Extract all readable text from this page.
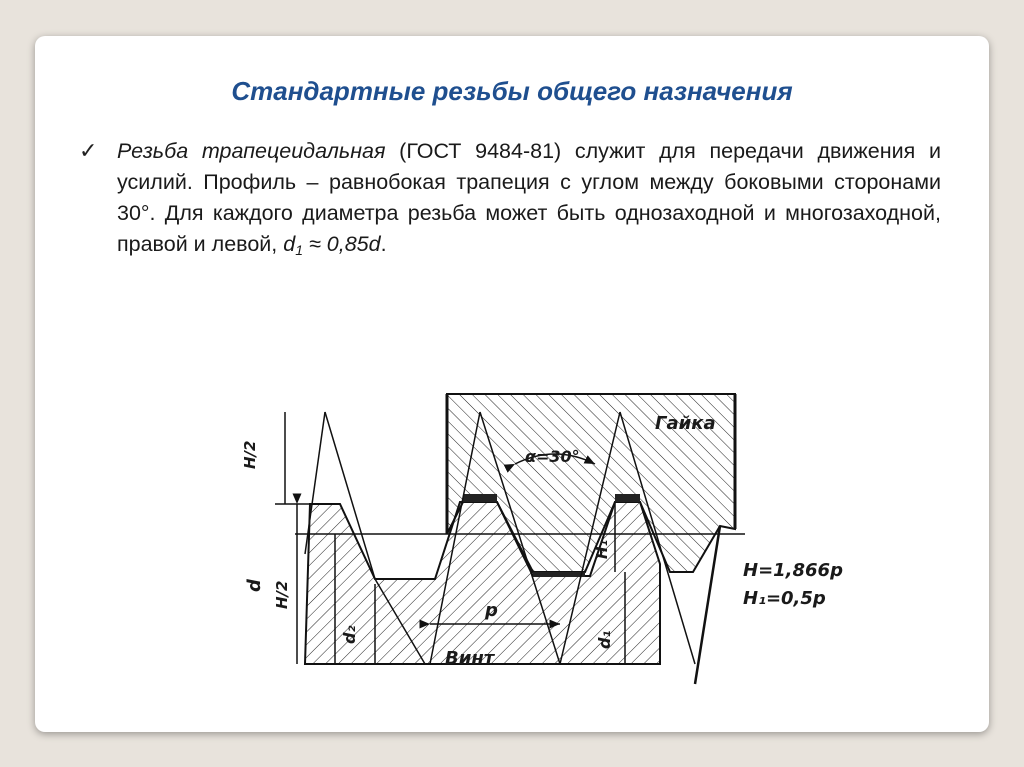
Стандартные резьбы общего назначения
✓ Резьба трапецеидальная (ГОСТ 9484-81) служит для передачи движения и усилий. Профиль – равнобокая трапеция с углом между боковыми сторонами 30°. Для каждого диаметра резьба может быть однозаходной и многозаходной, правой и левой, $d_1 \approx 0,85d$.
Гайка
Винт
α=30°
p
H/2
H/2
d
d₂	d₁
H₁
H=1,866p
H₁=0,5p
